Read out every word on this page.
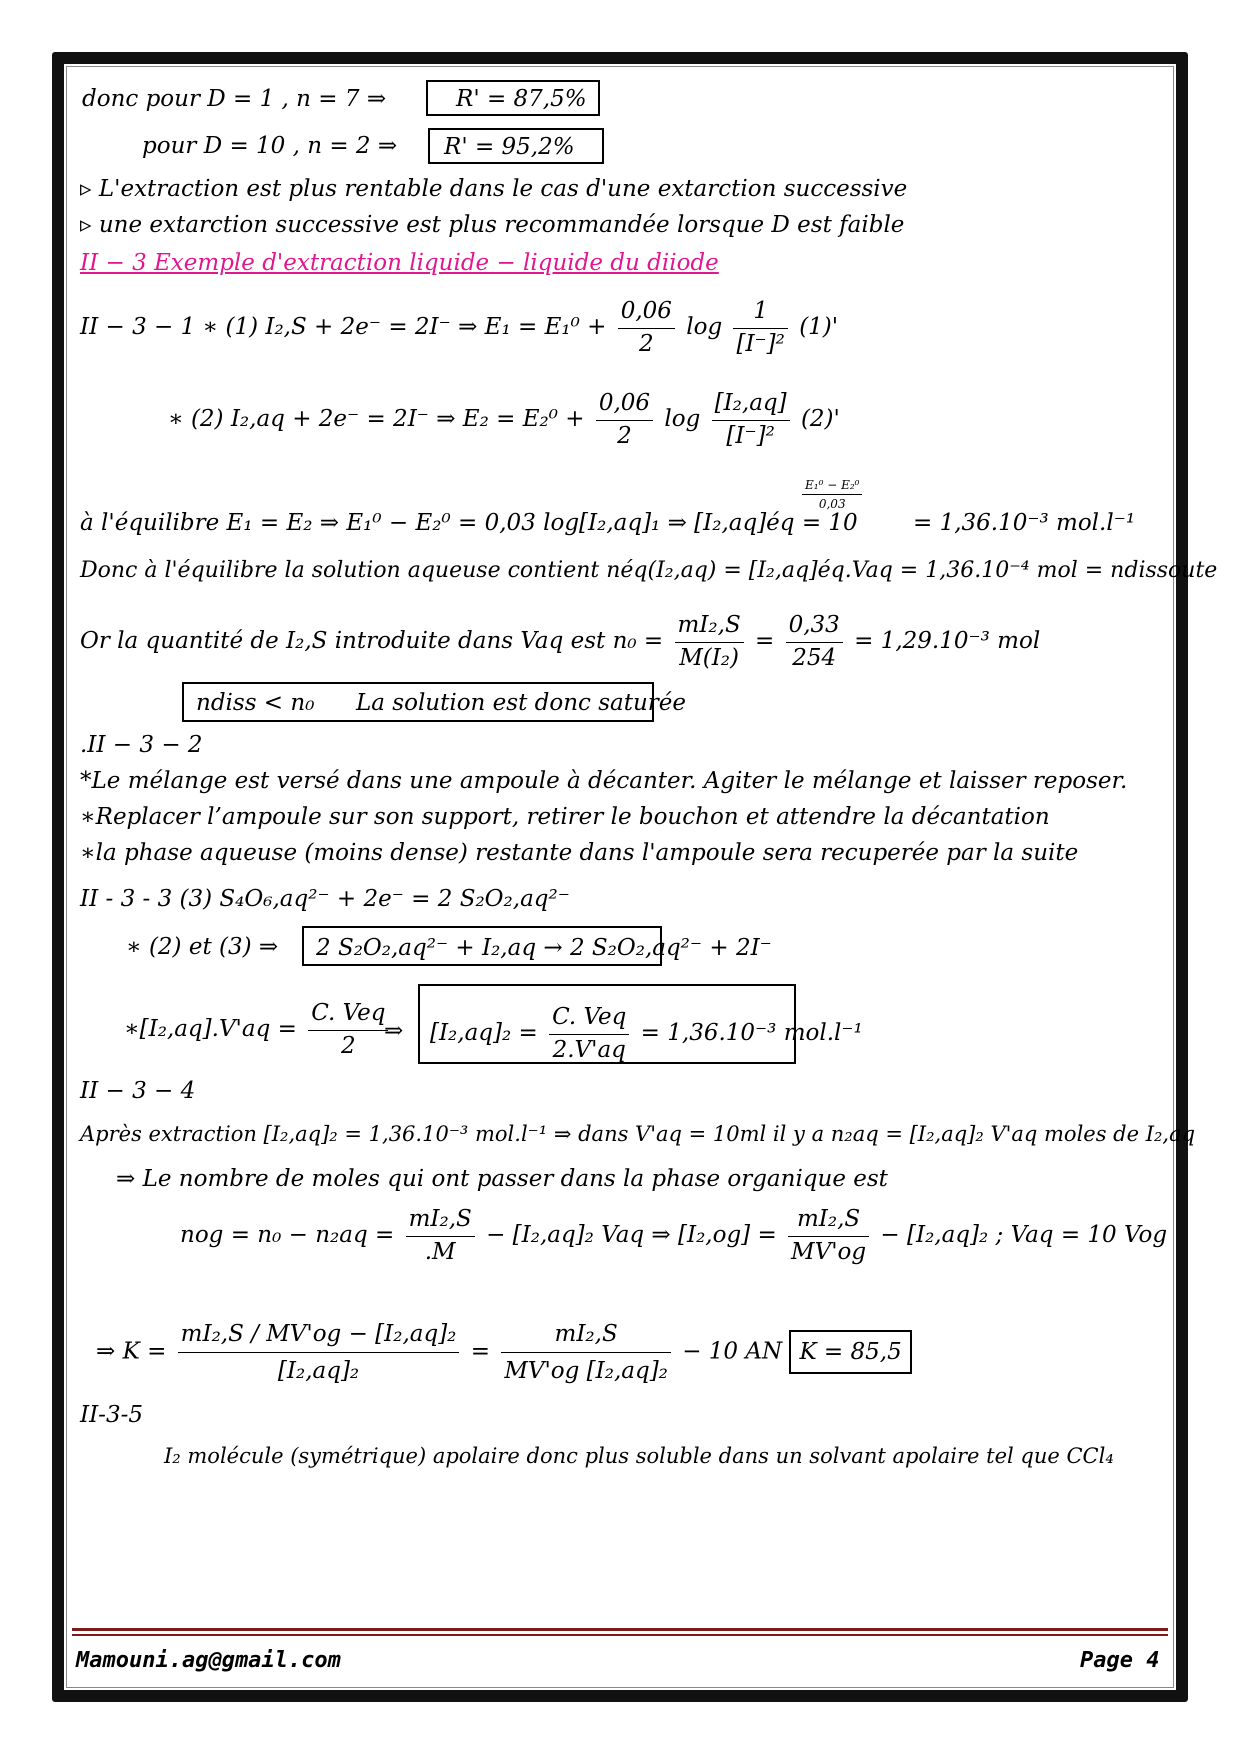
donc pour D = 1 , n = 7 ⇒	R' = 87,5%
pour D = 10 , n = 2 ⇒ R' = 95,2%
▹ L'extraction est plus rentable dans le cas d'une extarction successive
▹ une extarction successive est plus recommandée lorsque D est faible
II − 3 Exemple d'extraction liquide − liquide du diiode
II − 3 − 1 ∗ (1) I₂,S + 2e⁻ = 2I⁻ ⇒ $E_1 = E_1^0 + \frac{0,06}{2}$ $\log \frac{1}{\text{[I⁻]²}} (1)'$
∗ (2) I₂,aq + 2e⁻ = 2I⁻ ⇒ $E_2 = E_2^0 + \frac{0,06}{2}$ $\log \frac{\text{[I₂,aq]}}{\text{[I⁻]²}} (2)'$
$\frac{\text{E₁⁰ − E₂⁰}}{0,03}$
à l'équilibre E₁ = E₂ ⇒ E₁⁰ − E₂⁰ = 0,03 log[I₂,aq]₁ ⇒ [I₂,aq]éq = 10 = 1,36.10⁻³ mol.l⁻¹
Donc à l'équilibre la solution aqueuse contient néq(I₂,aq) = [I₂,aq]éq.Vaq = 1,36.10⁻⁴ mol = ndissoute
Or la quantité de I₂,S introduite dans Vaq est $n_0 = \frac{\text{mI₂,S}}{\text{M(I₂)}} = \frac{0,33}{254} = 1,29.10^{-3}$ mol
ndiss < n₀ La solution est donc saturée
.II − 3 − 2
*Le mélange est versé dans une ampoule à décanter. Agiter le mélange et laisser reposer.
∗Replacer l’ampoule sur son support, retirer le bouchon et attendre la décantation
∗la phase aqueuse (moins dense) restante dans l'ampoule sera recuperée par la suite
II - 3 - 3 (3) S₄O₆,aq²⁻ + 2e⁻ = 2 S₂O₂,aq²⁻
∗ (2) et (3) ⇒ 2 S₂O₂,aq²⁻ + I₂,aq → 2 S₂O₂,aq²⁻ + 2I⁻
∗[I₂,aq].V'aq = $\frac{\text{C. Veq}}{2}$
⇒ $[I_2,aq]_2 = \frac{\text{C. Veq}}{2.V'aq} = 1,36.10^{-3}$ mol.l⁻¹
II − 3 − 4
Après extraction [I₂,aq]₂ = 1,36.10⁻³ mol.l⁻¹ ⇒ dans V'aq = 10ml il y a n₂aq = [I₂,aq]₂ V'aq moles de I₂,aq
⇒ Le nombre de moles qui ont passer dans la phase organique est
nog = $n_0 - n_2aq = \frac{\text{mI₂,S}}{.M} - [I_2,aq]_2$ Vaq ⇒ $[I_2,og] = \frac{\text{mI₂,S}}{MV'og} - [I_2,aq]_2$ ; Vaq = 10 Vog
⇒ $K = \frac{\text{mI₂,S / MV'og − [I₂,aq]₂}}{\text{[I₂,aq]₂}} = \frac{\text{mI₂,S}}{\text{MV'og [I₂,aq]₂}} - 10$ AN K = 85,5
II-3-5
I₂ molécule (symétrique) apolaire donc plus soluble dans un solvant apolaire tel que CCl₄
Mamouni.ag@gmail.com	Page 4
